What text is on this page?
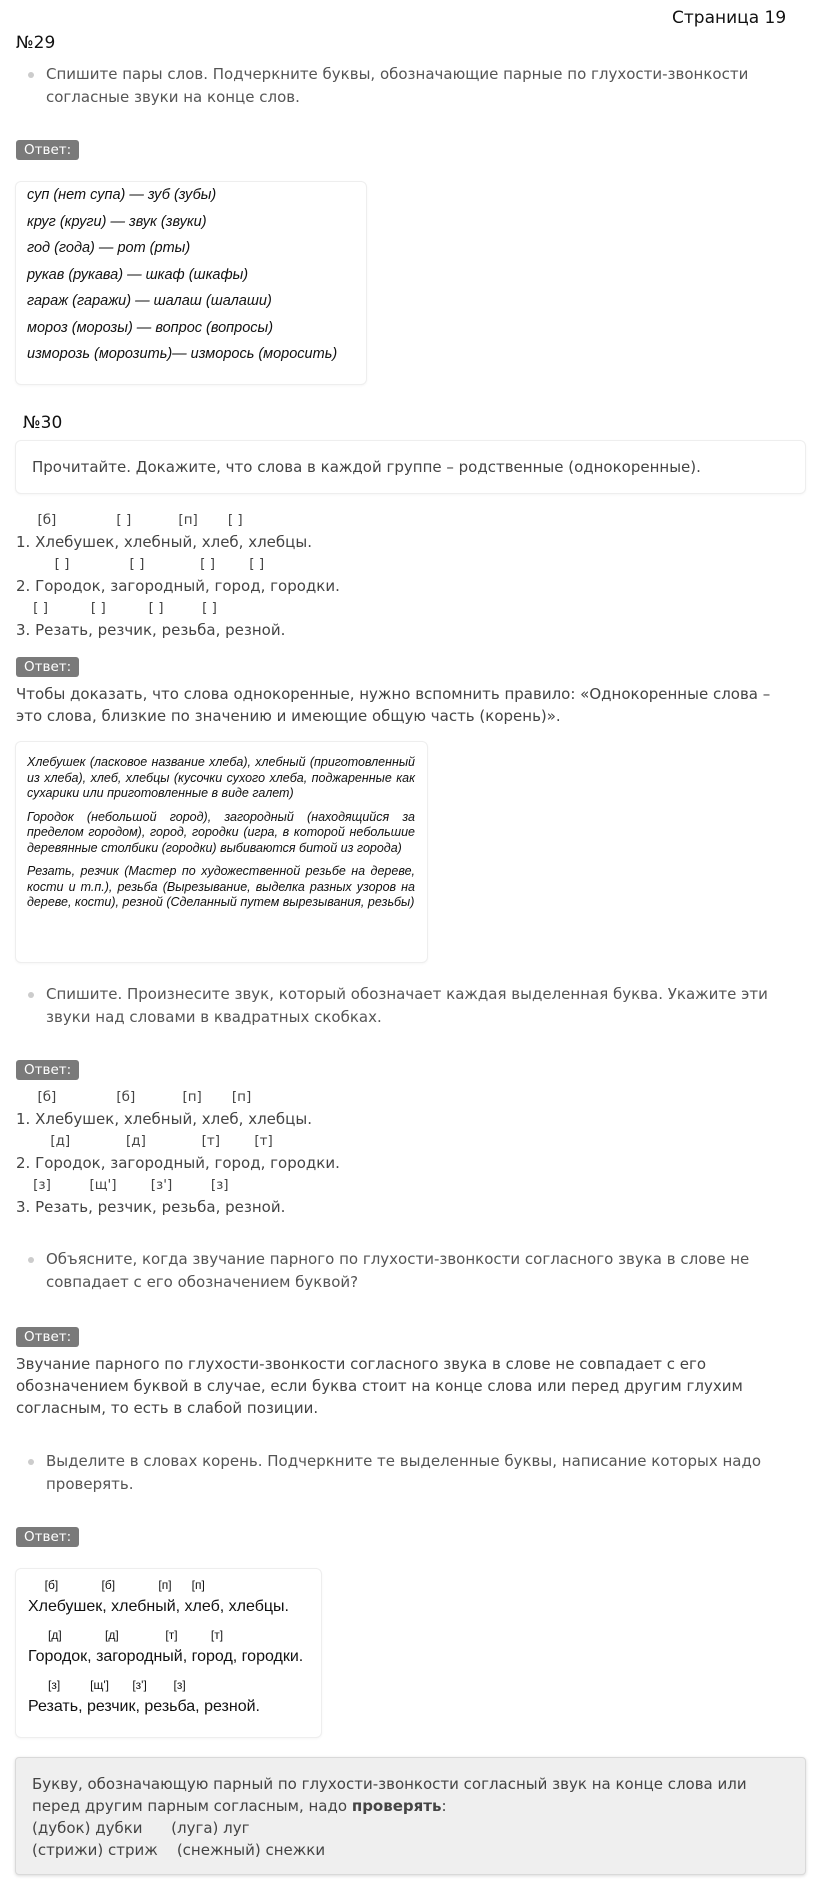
Страница 19
№29
Спишите пары слов. Подчеркните буквы, обозначающие парные по глухости-звонкости согласные звуки на конце слов.
Ответ:
суп (нет супа) — зуб (зубы)
круг (круги) — звук (звуки)
год (года) — рот (рты)
рукав (рукава) — шкаф (шкафы)
гараж (гаражи) — шалаш (шалаши)
мороз (морозы) — вопрос (вопросы)
изморозь (морозить)— изморось (моросить)
№30
Прочитайте. Докажите, что слова в каждой группе – родственные (однокоренные).
[б]              [ ]           [п]       [ ]
1. Хлебушек, хлебный, хлеб, хлебцы.
[ ]              [ ]             [ ]        [ ]
2. Городок, загородный, город, городки.
[ ]          [ ]          [ ]         [ ]
3. Резать, резчик, резьба, резной.
Ответ:
Чтобы доказать, что слова однокоренные, нужно вспомнить правило: «Однокоренные слова – это слова, близкие по значению и имеющие общую часть (корень)».

Хлебушек (ласковое название хлеба), хлебный (приготовленный из хлеба), хлеб, хлебцы (кусочки сухого хлеба, поджаренные как сухарики или приготовленные в виде галет)

Городок (небольшой город), загородный (находящийся за пределом городом), город, городки (игра, в которой небольшие деревянные столбики (городки) выбиваются битой из города)

Резать, резчик (Мастер по художественной резьбе на дереве, кости и т.п.), резьба (Вырезывание, выделка разных узоров на дереве, кости), резной (Сделанный путем вырезывания, резьбы)

Спишите. Произнесите звук, который обозначает каждая выделенная буква. Укажите эти звуки над словами в квадратных скобках.
Ответ:
[б]              [б]           [п]       [п]
1. Хлебушек, хлебный, хлеб, хлебцы.
[д]             [д]             [т]        [т]
2. Городок, загородный, город, городки.
[з]         [щ']        [з']         [з]
3. Резать, резчик, резьба, резной.
Объясните, когда звучание парного по глухости-звонкости согласного звука в слове не совпадает с его обозначением буквой?
Ответ:
Звучание парного по глухости-звонкости согласного звука в слове не совпадает с его обозначением буквой в случае, если буква стоит на конце слова или перед другим глухим согласным, то есть в слабой позиции.
Выделите в словах корень. Подчеркните те выделенные буквы, написание которых надо проверять.
Ответ:
[б]             [б]             [п]      [п]
Хлебушек, хлебный, хлеб, хлебцы.
[д]             [д]              [т]          [т]
Городок, загородный, город, городки.
[з]         [щ']       [з']        [з]
Резать, резчик, резьба, резной.
Букву, обозначающую парный по глухости-звонкости согласный звук на конце слова или перед другим парным согласным, надо проверять:
(дубок) дубки      (луга) луг
(стрижи) стриж    (снежный) снежки
